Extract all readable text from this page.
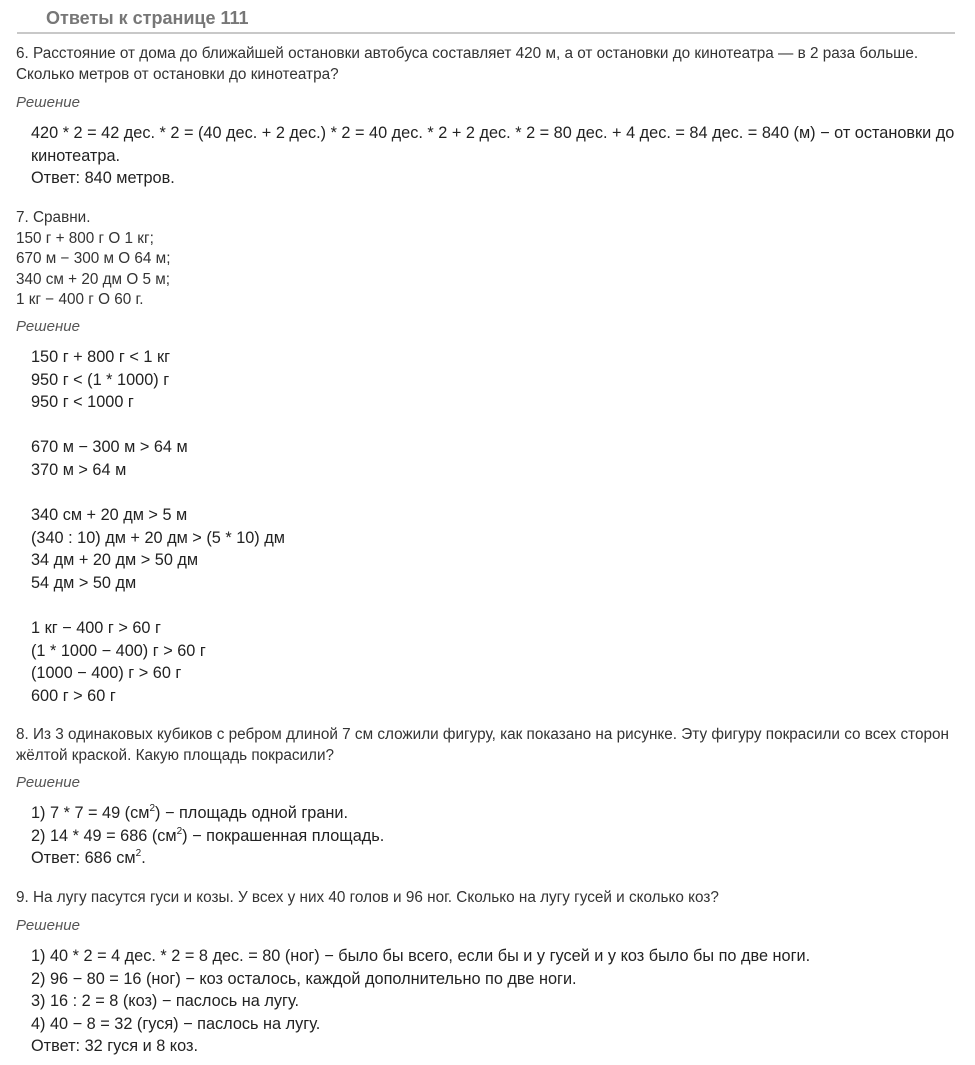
Ответы к странице 111

6. Расстояние от дома до ближайшей остановки автобуса составляет 420 м, а от остановки до кинотеатра — в 2 раза больше. Сколько метров от остановки до кинотеатра?

Решение

420 * 2 = 42 дес. * 2 = (40 дес. + 2 дес.) * 2 = 40 дес. * 2 + 2 дес. * 2 = 80 дес. + 4 дес. = 84 дес. = 840 (м) − от остановки до кинотеатра.
Ответ: 840 метров.

7. Сравни.
150 г + 800 г О 1 кг;
670 м − 300 м О 64 м;
340 см + 20 дм О 5 м;
1 кг − 400 г О 60 г.

Решение

150 г + 800 г < 1 кг
950 г < (1 * 1000) г
950 г < 1000 г
670 м − 300 м > 64 м
370 м > 64 м
340 см + 20 дм > 5 м
(340 : 10) дм + 20 дм > (5 * 10) дм
34 дм + 20 дм > 50 дм
54 дм > 50 дм
1 кг − 400 г > 60 г
(1 * 1000 − 400) г > 60 г
(1000 − 400) г > 60 г
600 г > 60 г

8. Из 3 одинаковых кубиков с ребром длиной 7 см сложили фигуру, как показано на рисунке. Эту фигуру покрасили со всех сторон жёлтой краской. Какую площадь покрасили?

Решение

1) 7 * 7 = 49 $(см^2)$ − площадь одной грани.
2) 14 * 49 = 686 $(см^2)$ − покрашенная площадь.
Ответ: 686 $см^2$.

9. На лугу пасутся гуси и козы. У всех у них 40 голов и 96 ног. Сколько на лугу гусей и сколько коз?

Решение

1) 40 * 2 = 4 дес. * 2 = 8 дес. = 80 (ног) − было бы всего, если бы и у гусей и у коз было бы по две ноги.
2) 96 − 80 = 16 (ног) − коз осталось, каждой дополнительно по две ноги.
3) 16 : 2 = 8 (коз) − паслось на лугу.
4) 40 − 8 = 32 (гуся) − паслось на лугу.
Ответ: 32 гуся и 8 коз.
